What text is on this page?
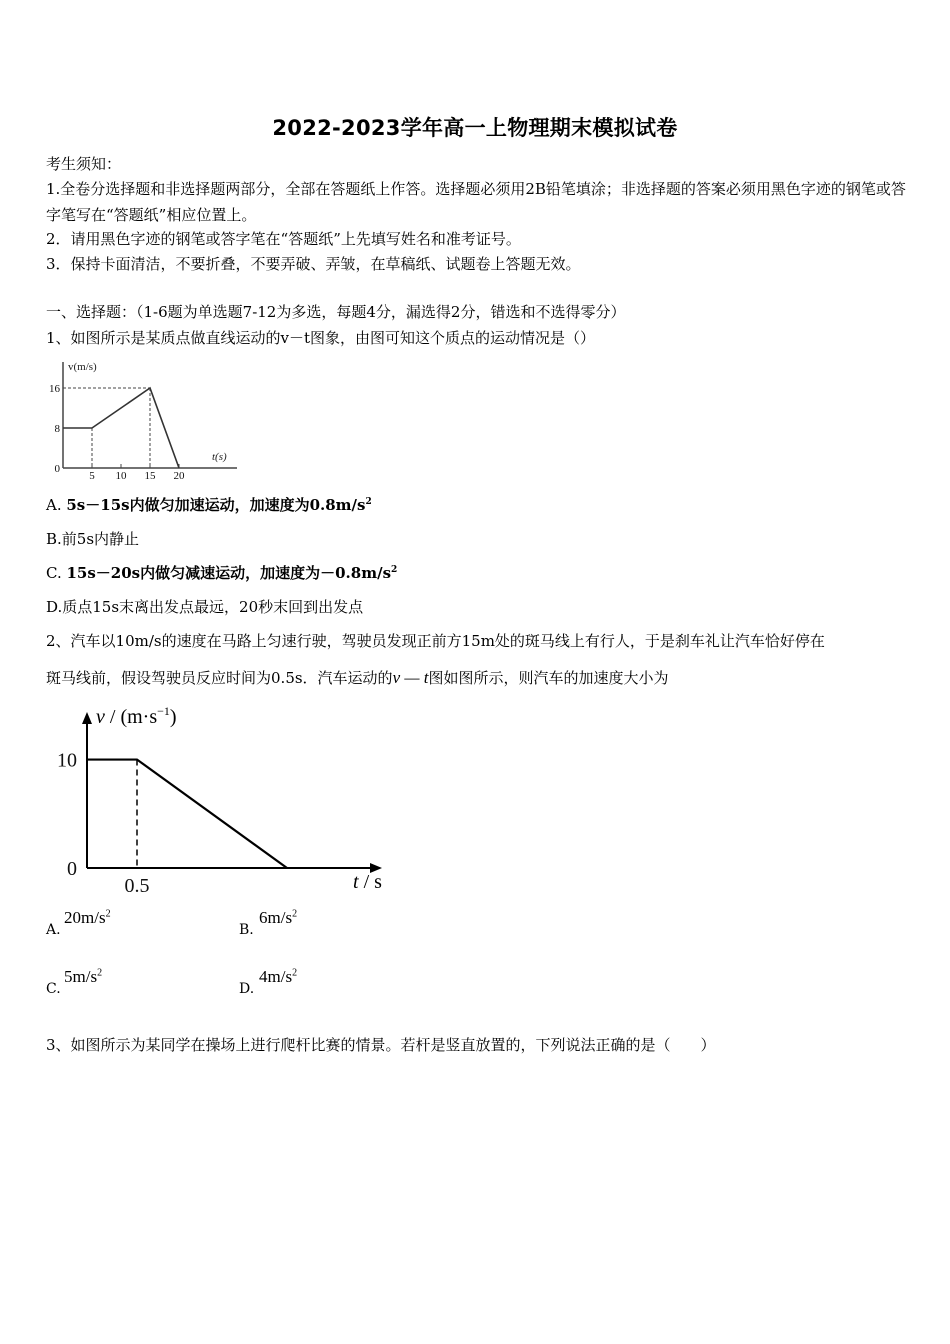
2022-2023学年高一上物理期末模拟试卷
考生须知：
1.全卷分选择题和非选择题两部分，全部在答题纸上作答。选择题必须用2B铅笔填涂；非选择题的答案必须用黑色字迹的钢笔或答字笔写在“答题纸”相应位置上。
2．请用黑色字迹的钢笔或答字笔在“答题纸”上先填写姓名和准考证号。
3．保持卡面清洁，不要折叠，不要弄破、弄皱，在草稿纸、试题卷上答题无效。
一、选择题：（1-6题为单选题7-12为多选，每题4分，漏选得2分，错选和不选得零分）
1、如图所示是某质点做直线运动的v－t图象，由图可知这个质点的运动情况是（）
5 10 15 20
16
8
0
v(m/s)
t(s)
A. 5s－15s内做匀加速运动，加速度为$0.8m/s^2$
B.前5s内静止
C. 15s－20s内做匀减速运动，加速度为$-0.8m/s^2$
D.质点15s末离出发点最远，20秒末回到出发点
2、汽车以10m/s的速度在马路上匀速行驶，驾驶员发现正前方15m处的斑马线上有行人，于是刹车礼让汽车恰好停在
斑马线前，假设驾驶员反应时间为0.5s．汽车运动的v — t图如图所示，则汽车的加速度大小为
0.5
10
0
$v / (m\cdot s^{-1})$
t / s
A.
$20m/s^2$
B.
$6m/s^2$
C.
$5m/s^2$
D.
$4m/s^2$
3、如图所示为某同学在操场上进行爬杆比赛的情景。若杆是竖直放置的，下列说法正确的是（　　）
